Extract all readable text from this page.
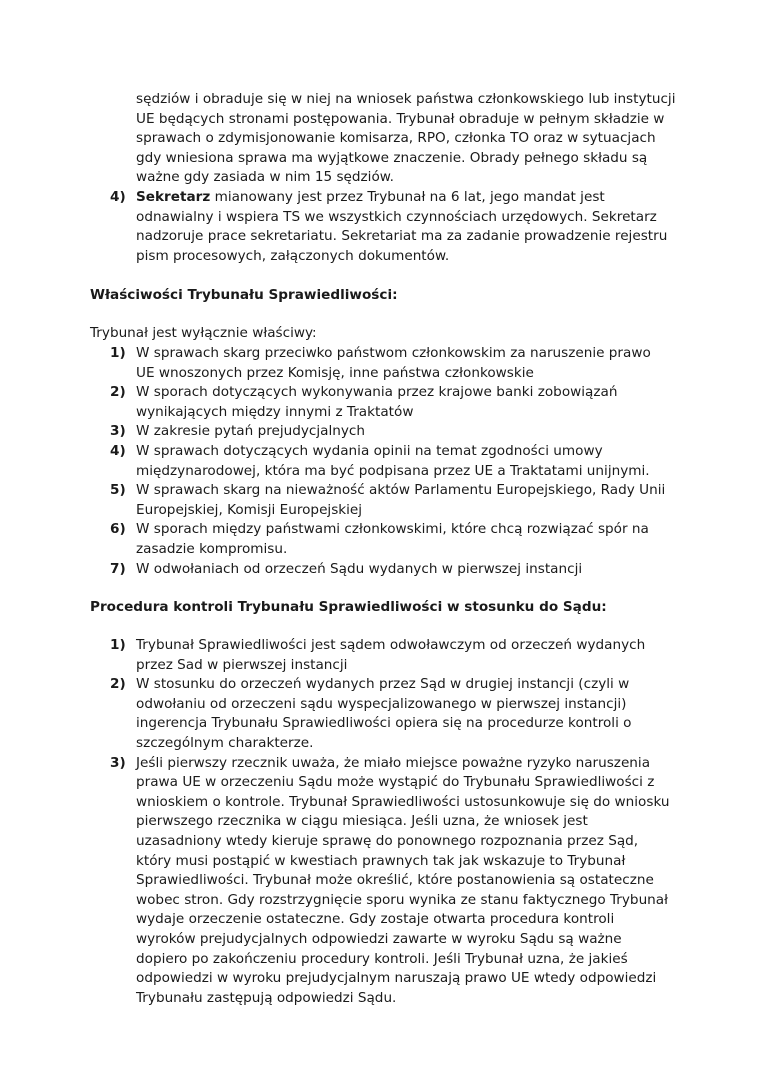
sędziów i obraduje się w niej na wniosek państwa członkowskiego lub instytucji UE będących stronami postępowania. Trybunał obraduje w pełnym składzie w sprawach o zdymisjonowanie komisarza, RPO, członka TO oraz w sytuacjach gdy wniesiona sprawa ma wyjątkowe znaczenie. Obrady pełnego składu są ważne gdy zasiada w nim 15 sędziów.

4) Sekretarz mianowany jest przez Trybunał na 6 lat, jego mandat jest odnawialny i wspiera TS we wszystkich czynnościach urzędowych. Sekretarz nadzoruje prace sekretariatu. Sekretariat ma za zadanie prowadzenie rejestru pism procesowych, załączonych dokumentów.
Właściwości Trybunału Sprawiedliwości:

Trybunał jest wyłącznie właściwy:

1) W sprawach skarg przeciwko państwom członkowskim za naruszenie prawo UE wnoszonych przez Komisję, inne państwa członkowskie
2) W sporach dotyczących wykonywania przez krajowe banki zobowiązań wynikających między innymi z Traktatów
3) W zakresie pytań prejudycjalnych
4) W sprawach dotyczących wydania opinii na temat zgodności umowy międzynarodowej, która ma być podpisana przez UE a Traktatami unijnymi.
5) W sprawach skarg na nieważność aktów Parlamentu Europejskiego, Rady Unii Europejskiej, Komisji Europejskiej
6) W sporach między państwami członkowskimi, które chcą rozwiązać spór na zasadzie kompromisu.
7) W odwołaniach od orzeczeń Sądu wydanych w pierwszej instancji
Procedura kontroli Trybunału Sprawiedliwości w stosunku do Sądu:
1) Trybunał Sprawiedliwości jest sądem odwoławczym od orzeczeń wydanych przez Sad w pierwszej instancji
2) W stosunku do orzeczeń wydanych przez Sąd w drugiej instancji (czyli w odwołaniu od orzeczeni sądu wyspecjalizowanego w pierwszej instancji) ingerencja Trybunału Sprawiedliwości opiera się na procedurze kontroli o szczególnym charakterze.
3) Jeśli pierwszy rzecznik uważa, że miało miejsce poważne ryzyko naruszenia prawa UE w orzeczeniu Sądu może wystąpić do Trybunału Sprawiedliwości z wnioskiem o kontrole. Trybunał Sprawiedliwości ustosunkowuje się do wniosku pierwszego rzecznika w ciągu miesiąca. Jeśli uzna, że wniosek jest uzasadniony wtedy kieruje sprawę do ponownego rozpoznania przez Sąd, który musi postąpić w kwestiach prawnych tak jak wskazuje to Trybunał Sprawiedliwości. Trybunał może określić, które postanowienia są ostateczne wobec stron. Gdy rozstrzygnięcie sporu wynika ze stanu faktycznego Trybunał wydaje orzeczenie ostateczne. Gdy zostaje otwarta procedura kontroli wyroków prejudycjalnych odpowiedzi zawarte w wyroku Sądu są ważne dopiero po zakończeniu procedury kontroli. Jeśli Trybunał uzna, że jakieś odpowiedzi w wyroku prejudycjalnym naruszają prawo UE wtedy odpowiedzi Trybunału zastępują odpowiedzi Sądu.
